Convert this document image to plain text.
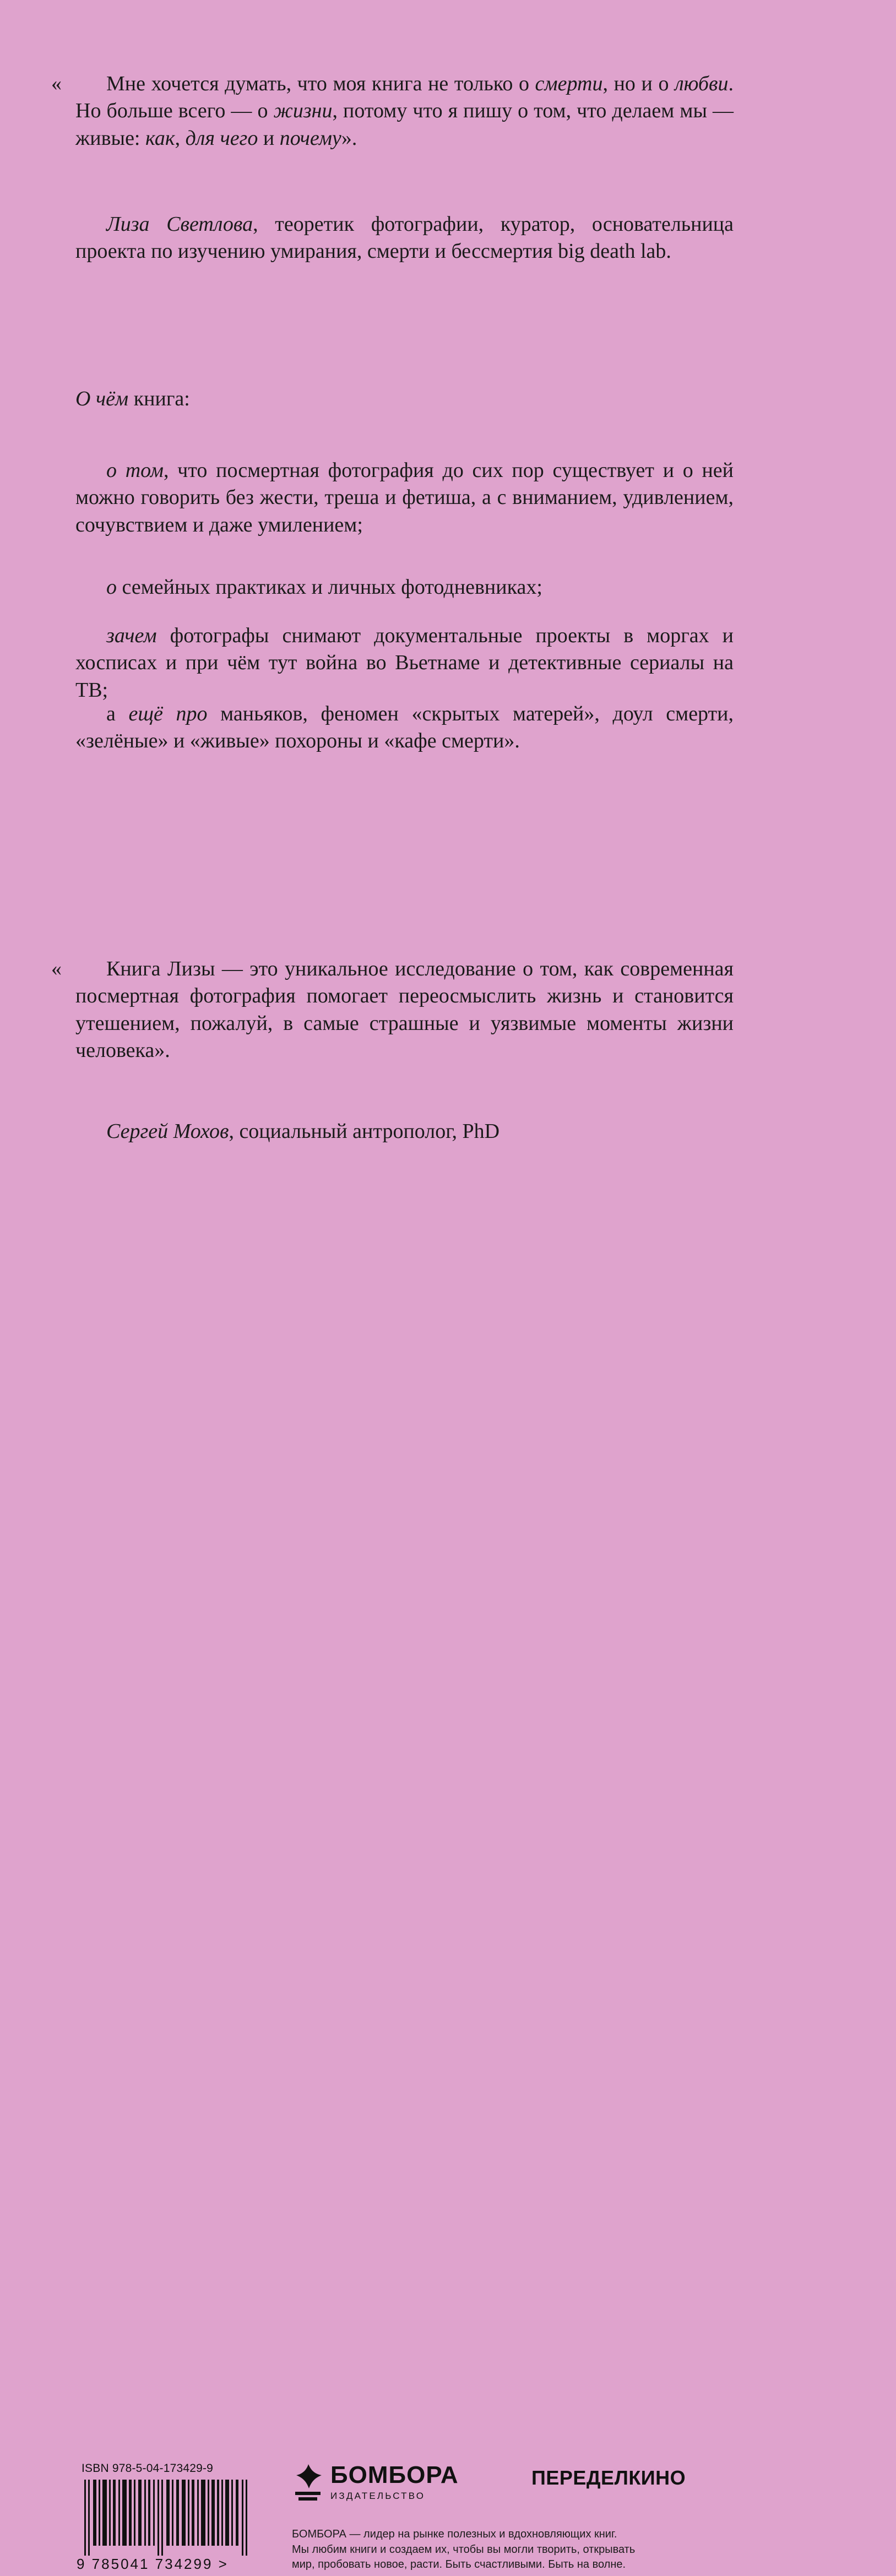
« Мне хочется думать, что моя книга не только о смерти, но и о любви. Но больше всего — о жизни, потому что я пишу о том, что делаем мы — живые: как, для чего и почему».
Лиза Светлова, теоретик фотографии, куратор, основательница проекта по изучению умирания, смерти и бессмертия big death lab.
О чём книга:
о том, что посмертная фотография до сих пор существует и о ней можно говорить без жести, треша и фетиша, а с вниманием, удивлением, сочувствием и даже умилением;
о семейных практиках и личных фотодневниках;
зачем фотографы снимают документальные проекты в моргах и хосписах и при чём тут война во Вьетнаме и детективные сериалы на ТВ;
а ещё про маньяков, феномен «скрытых матерей», доул смерти, «зелёные» и «живые» похороны и «кафе смерти».
« Книга Лизы — это уникальное исследование о том, как современная посмертная фотография помогает переосмыслить жизнь и становится утешением, пожалуй, в самые страшные и уязвимые моменты жизни человека».
Сергей Мохов, социальный антрополог, PhD
ISBN 978-5-04-173429-9
9 785041 734299 >
БОМБОРА
ИЗДАТЕЛЬСТВО
ПЕРЕДЕЛКИНО
БОМБОРА — лидер на рынке полезных и вдохновляющих книг.
Мы любим книги и создаем их, чтобы вы могли творить, открывать
мир, пробовать новое, расти. Быть счастливыми. Быть на волне.
